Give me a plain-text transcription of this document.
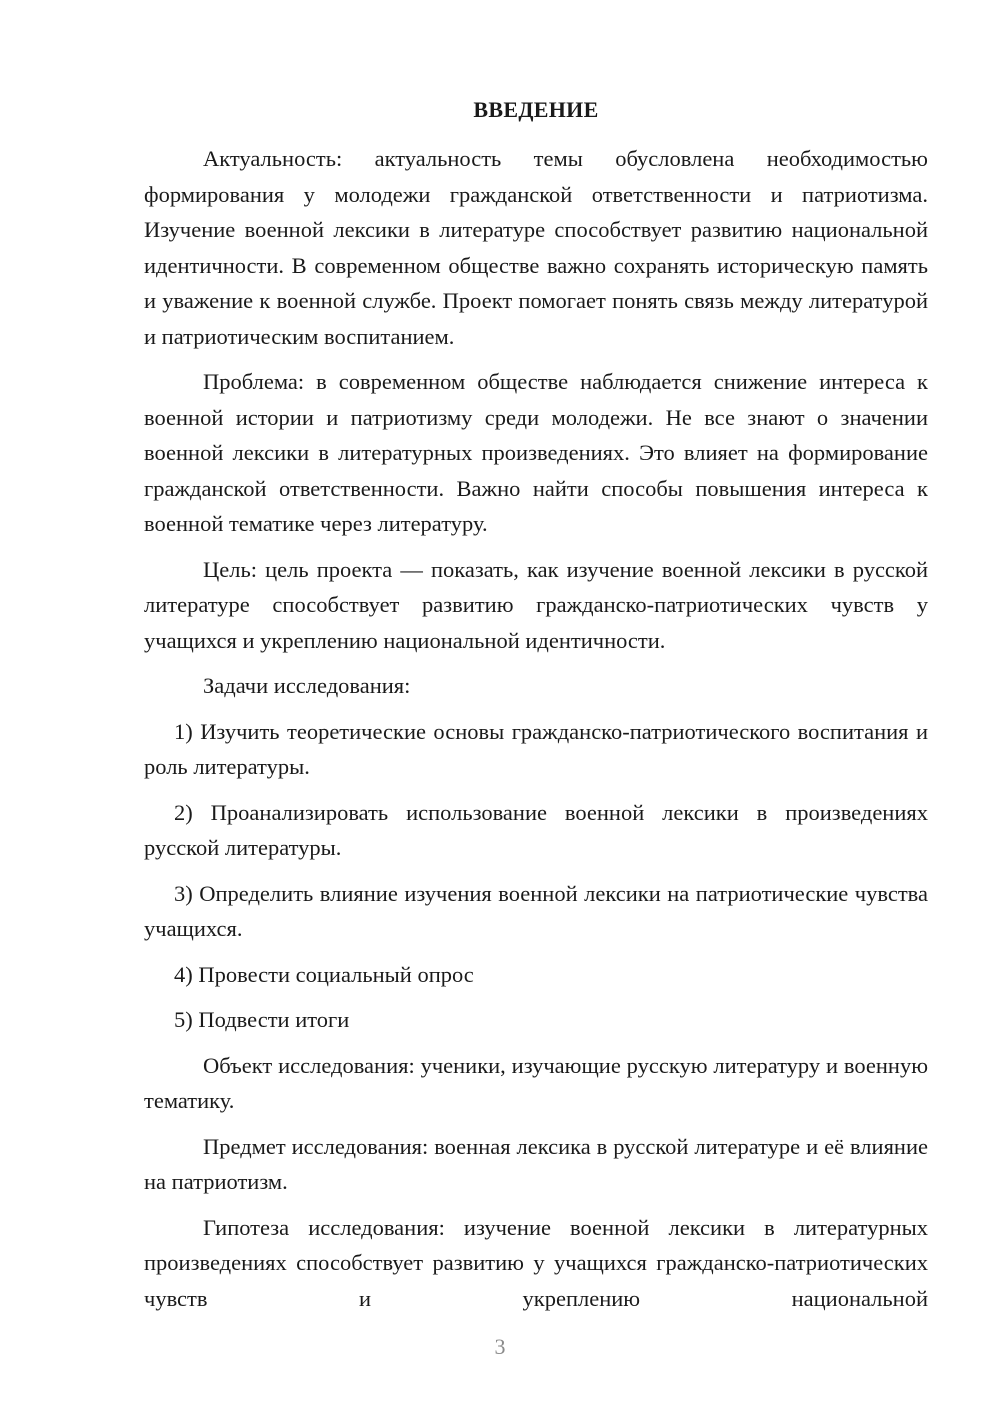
ВВЕДЕНИЕ

Актуальность: актуальность темы обусловлена необходимостью формирования у молодежи гражданской ответственности и патриотизма. Изучение военной лексики в литературе способствует развитию национальной идентичности. В современном обществе важно сохранять историческую память и уважение к военной службе. Проект помогает понять связь между литературой и патриотическим воспитанием.

Проблема: в современном обществе наблюдается снижение интереса к военной истории и патриотизму среди молодежи. Не все знают о значении военной лексики в литературных произведениях. Это влияет на формирование гражданской ответственности. Важно найти способы повышения интереса к военной тематике через литературу.

Цель: цель проекта — показать, как изучение военной лексики в русской литературе способствует развитию гражданско-патриотических чувств у учащихся и укреплению национальной идентичности.

Задачи исследования:

1) Изучить теоретические основы гражданско-патриотического воспитания и роль литературы.

2) Проанализировать использование военной лексики в произведениях русской литературы.

3) Определить влияние изучения военной лексики на патриотические чувства учащихся.

4) Провести социальный опрос

5) Подвести итоги

Объект исследования: ученики, изучающие русскую литературу и военную тематику.

Предмет исследования: военная лексика в русской литературе и её влияние на патриотизм.

Гипотеза исследования: изучение военной лексики в литературных произведениях способствует развитию у учащихся гражданско-патриотических чувств и укреплению национальной

3
